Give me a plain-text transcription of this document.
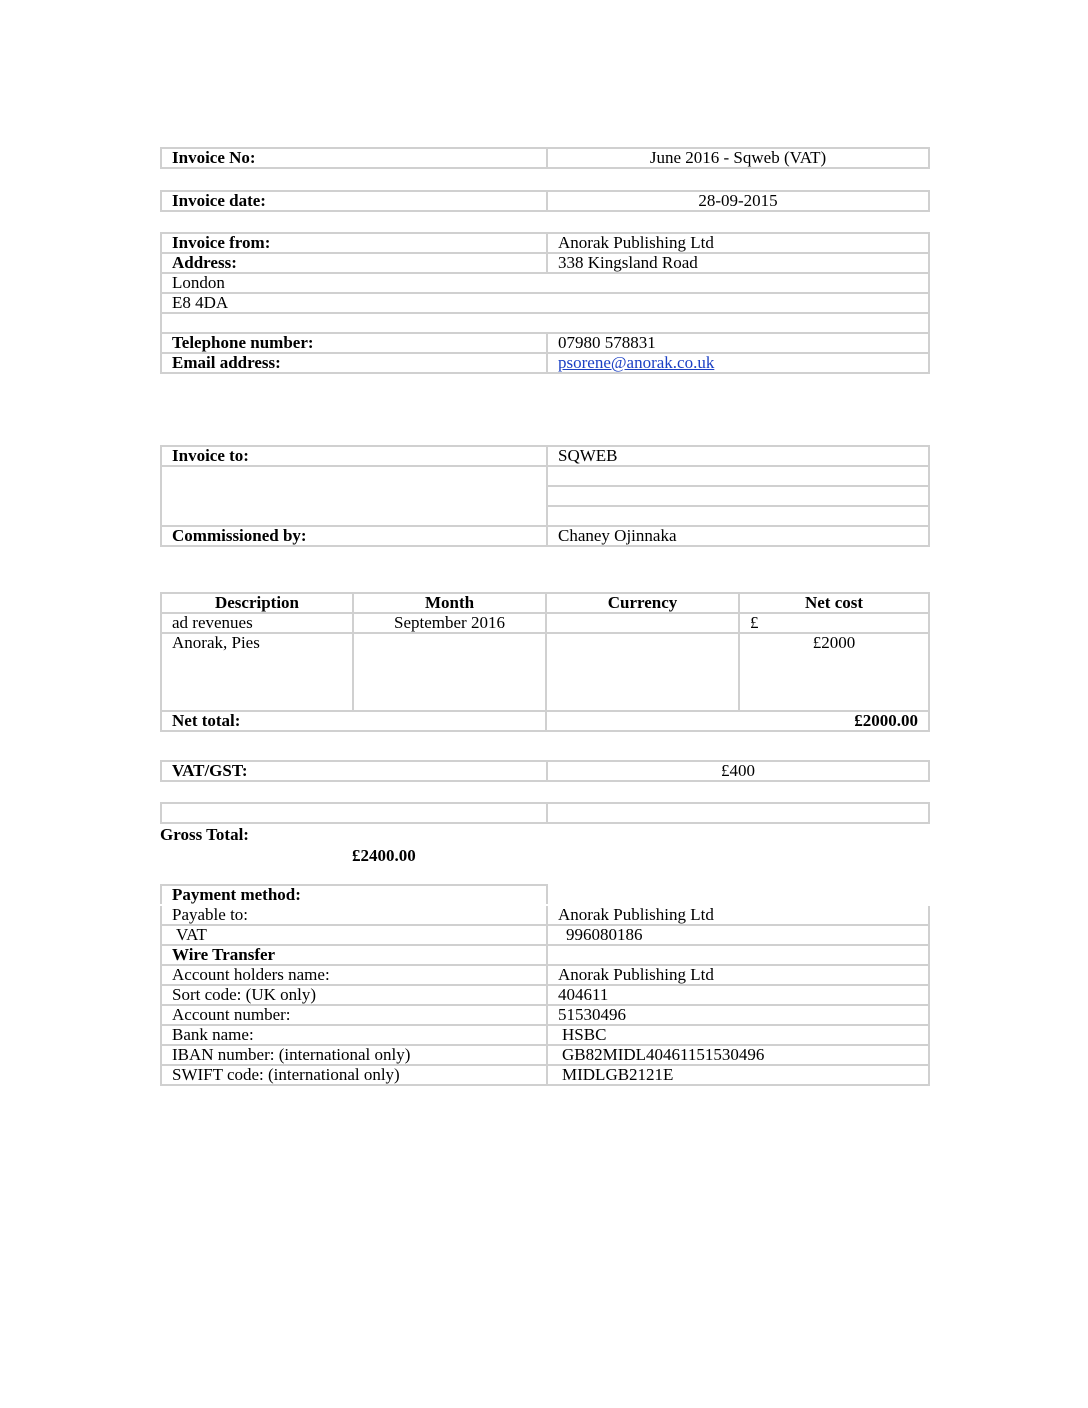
Invoice No:	June 2016 - Sqweb (VAT)
Invoice date:	28-09-2015
Invoice from:	Anorak Publishing Ltd
Address:	338 Kingsland Road
London	
E8 4DA	

Telephone number:	07980 578831
Email address:	psorene@anorak.co.uk
Invoice to:	SQWEB

Commissioned by:	Chaney Ojinnaka
Description	Month	Currency	Net cost
ad revenues	September 2016		£
Anorak, Pies			£2000
Net total:		£2000.00	
VAT/GST:	£400

Gross Total:
£2400.00
Payment method:	
Payable to:	Anorak Publishing Ltd
VAT	996080186
Wire Transfer	
Account holders name:	Anorak Publishing Ltd
Sort code: (UK only)	404611
Account number:	51530496
Bank name:	HSBC
IBAN number: (international only)	GB82MIDL40461151530496
SWIFT code: (international only)	MIDLGB2121E
